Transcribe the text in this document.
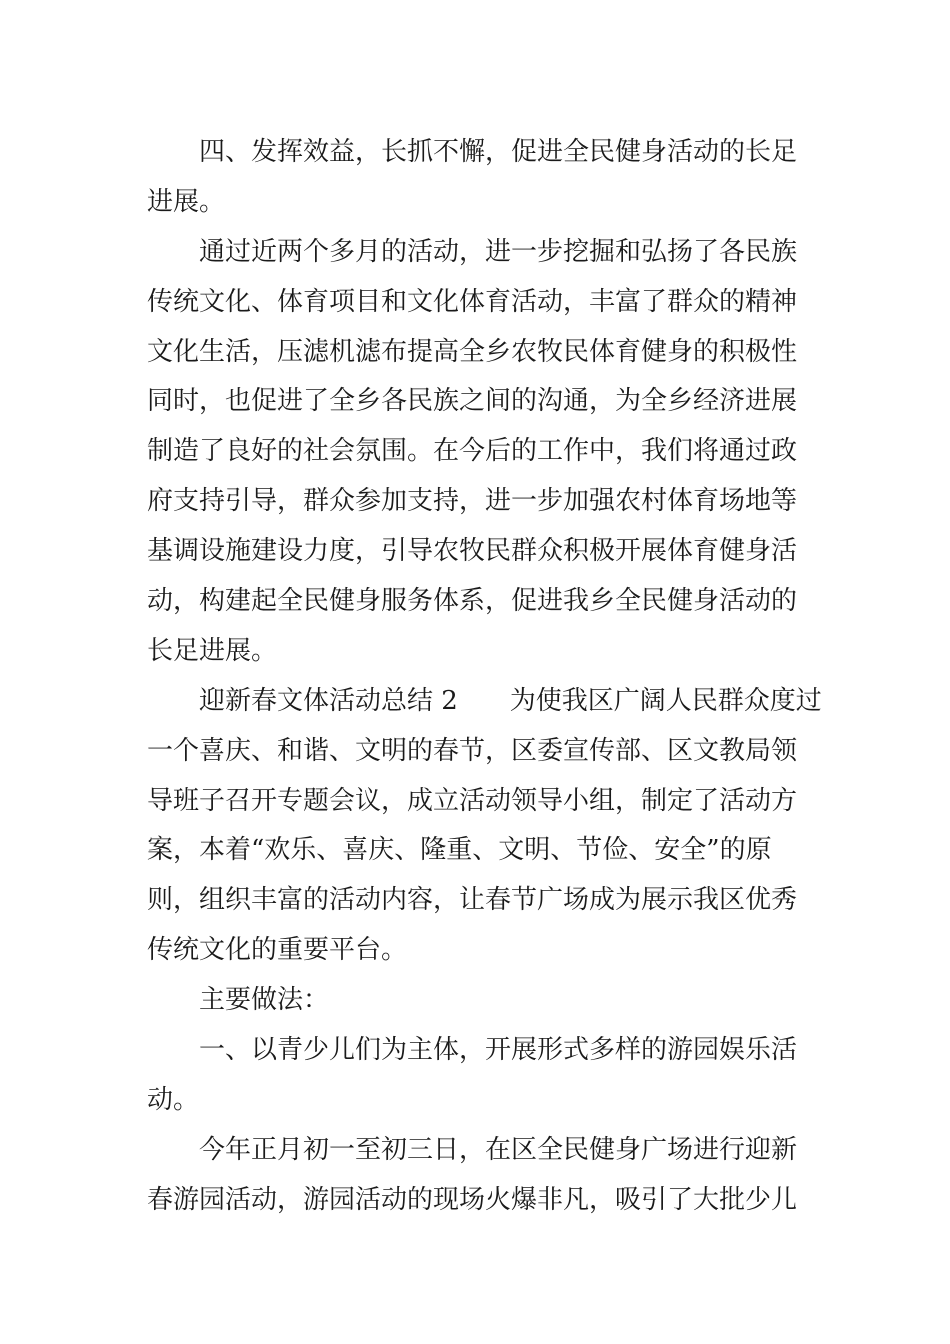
四、发挥效益，长抓不懈，促进全民健身活动的长足
进展。
通过近两个多月的活动，进一步挖掘和弘扬了各民族
传统文化、体育项目和文化体育活动，丰富了群众的精神
文化生活，压滤机滤布提高全乡农牧民体育健身的积极性
同时，也促进了全乡各民族之间的沟通，为全乡经济进展
制造了良好的社会氛围。在今后的工作中，我们将通过政
府支持引导，群众参加支持，进一步加强农村体育场地等
基调设施建设力度，引导农牧民群众积极开展体育健身活
动，构建起全民健身服务体系，促进我乡全民健身活动的
长足进展。
迎新春文体活动总结 2　　为使我区广阔人民群众度过
一个喜庆、和谐、文明的春节，区委宣传部、区文教局领
导班子召开专题会议，成立活动领导小组，制定了活动方
案，本着“欢乐、喜庆、隆重、文明、节俭、安全”的原
则，组织丰富的活动内容，让春节广场成为展示我区优秀
传统文化的重要平台。
主要做法：
一、以青少儿们为主体，开展形式多样的游园娱乐活
动。
今年正月初一至初三日，在区全民健身广场进行迎新
春游园活动，游园活动的现场火爆非凡，吸引了大批少儿
